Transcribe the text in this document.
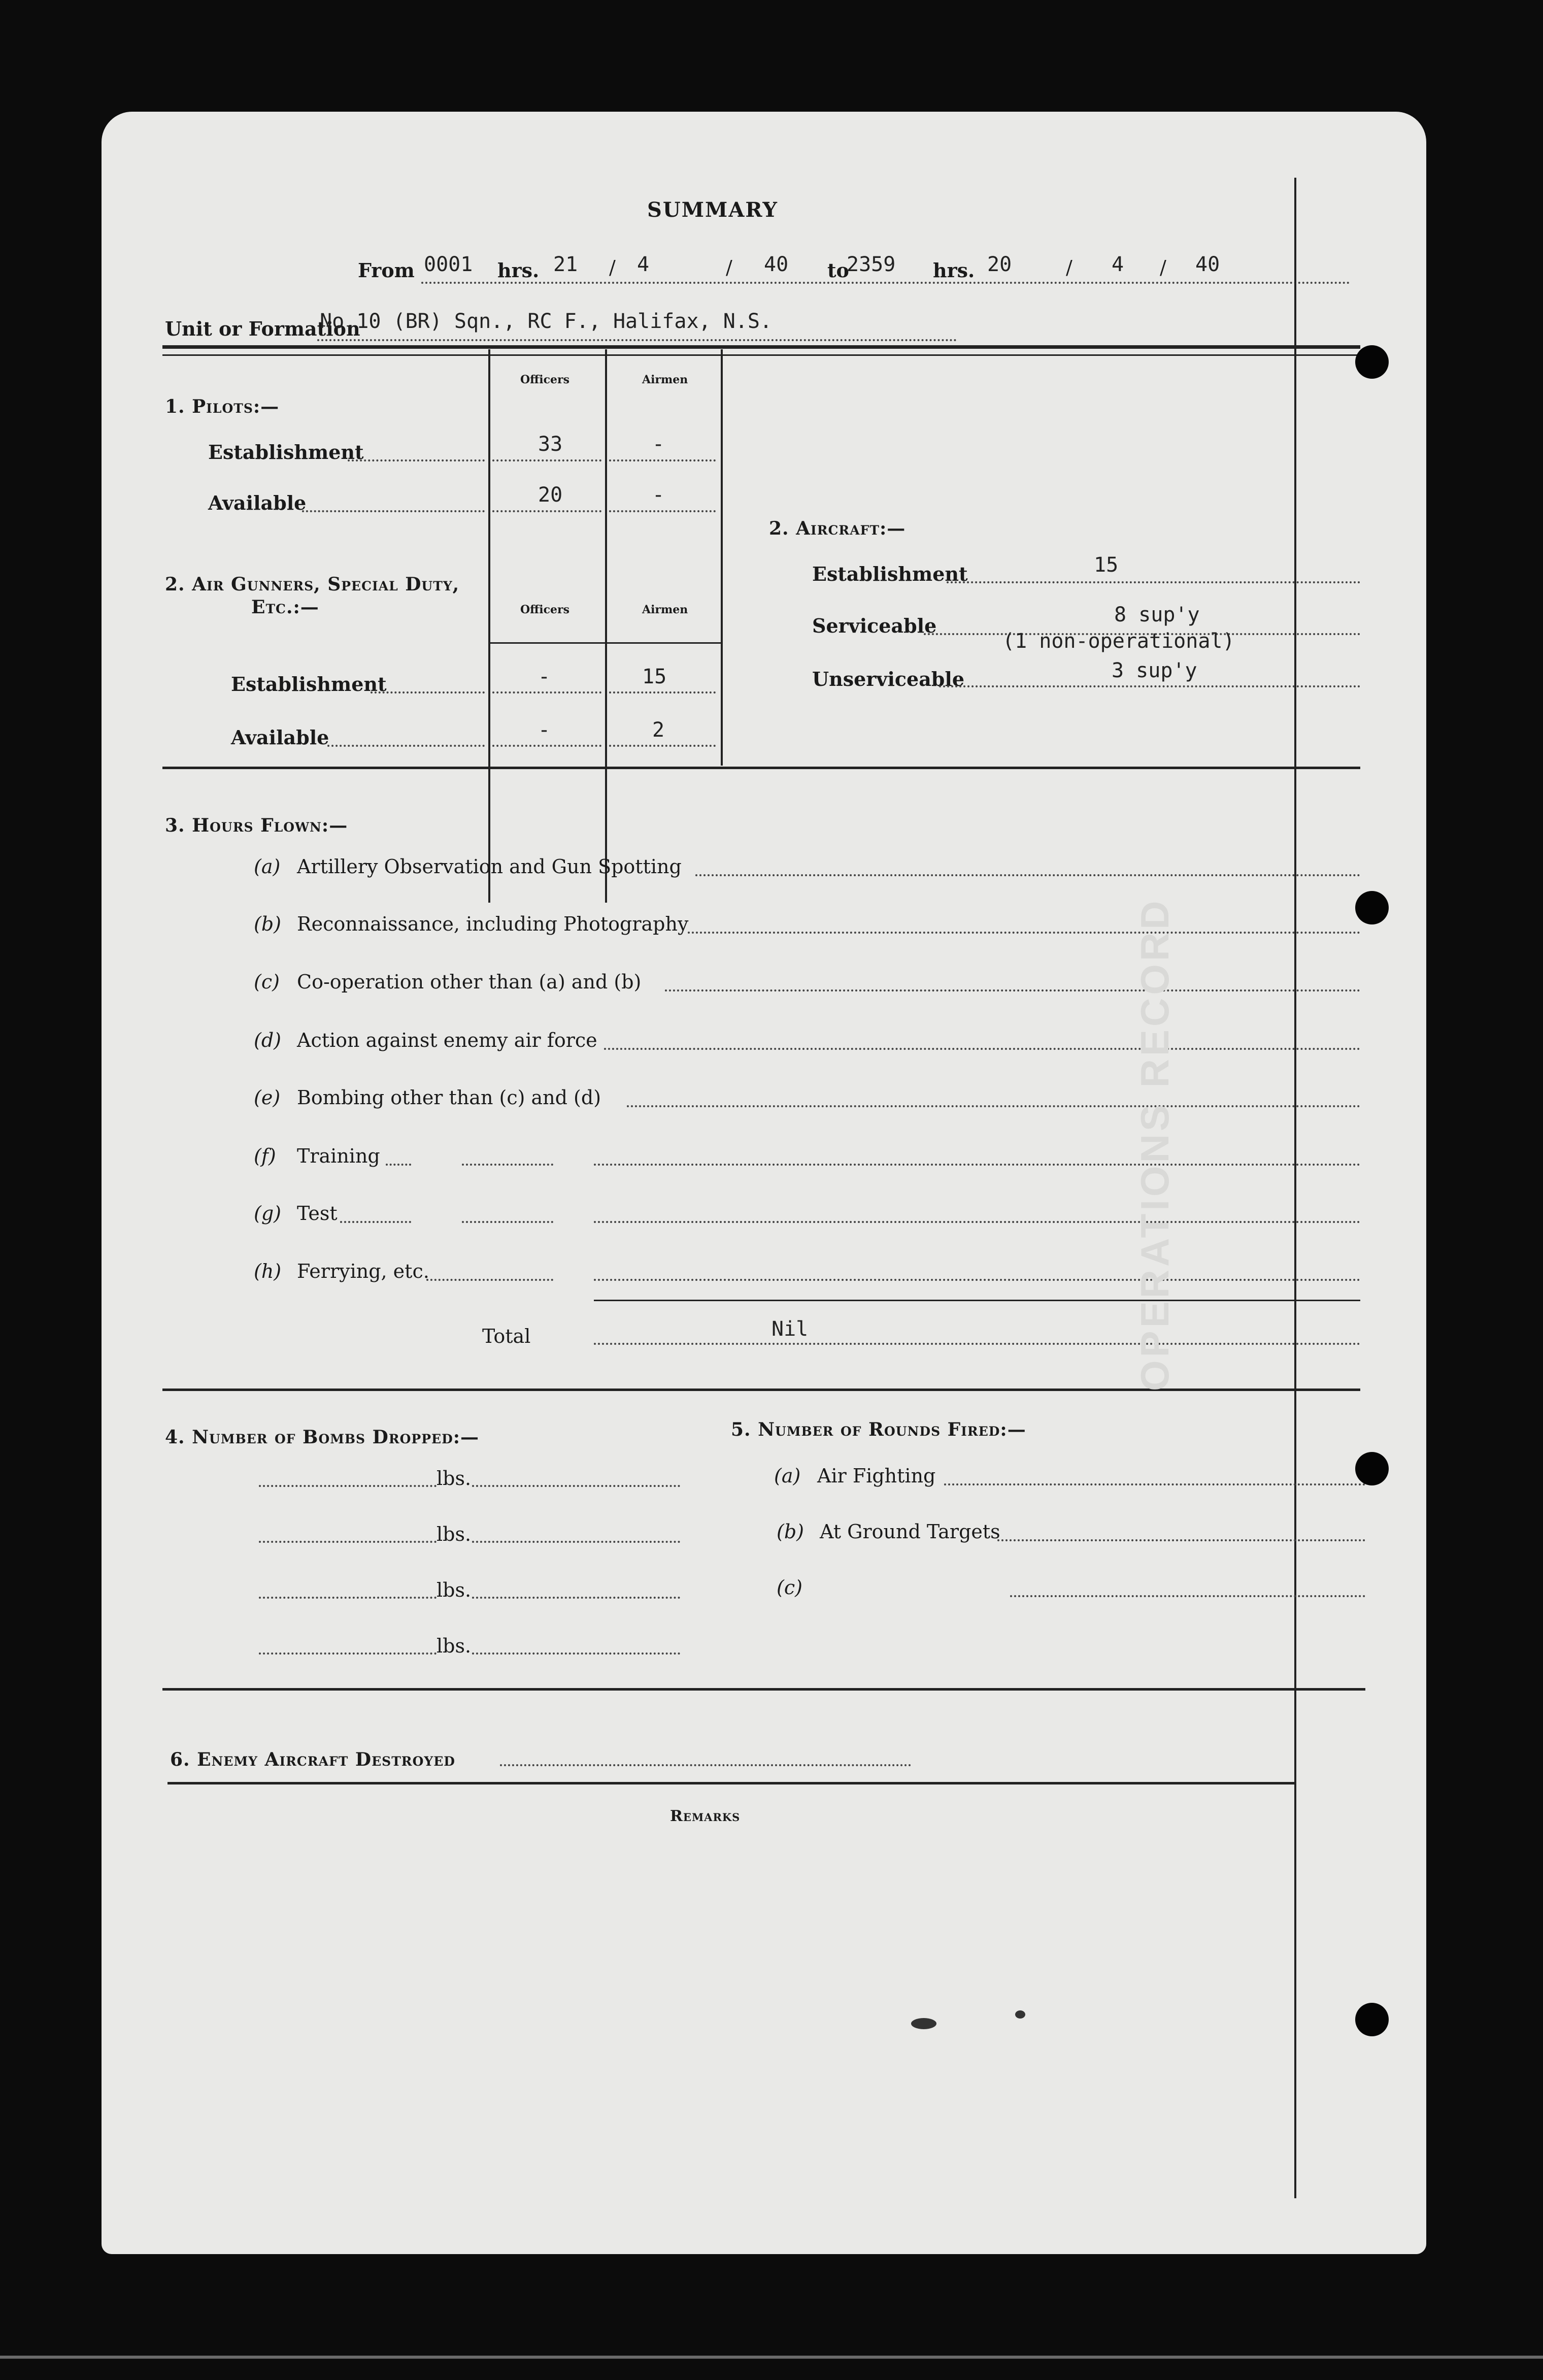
SUMMARY
From 0001 hrs. 21 / 4	/ 40 to
2359 hrs. 20	/ 4 / 40
Unit or Formation
No.10 (BR) Sqn., RC F., Halifax, N.S.
Officers	Airmen
1. Pilots:—
Establishment	33	-
Available	20	-
2. Air Gunners, Special Duty,
Etc.:—	Officers	Airmen
Establishment	-	15
Available	-	2
2. Aircraft:—
Establishment	15
Serviceable	8 sup'y
(1 non-operational)
Unserviceable	3 sup'y
3. Hours Flown:—
(a) Artillery Observation and Gun Spotting
(b) Reconnaissance, including Photography
(c) Co-operation other than (a) and (b)
(d) Action against enemy air force
(e) Bombing other than (c) and (d)
(f) Training
(g) Test
(h) Ferrying, etc.
Total	Nil
4. Number of Bombs Dropped:—
lbs.
lbs.
lbs.
lbs.
5. Number of Rounds Fired:—
(a) Air Fighting
(b) At Ground Targets
(c)
6. Enemy Aircraft Destroyed
Remarks
OPERATIONS RECORD
